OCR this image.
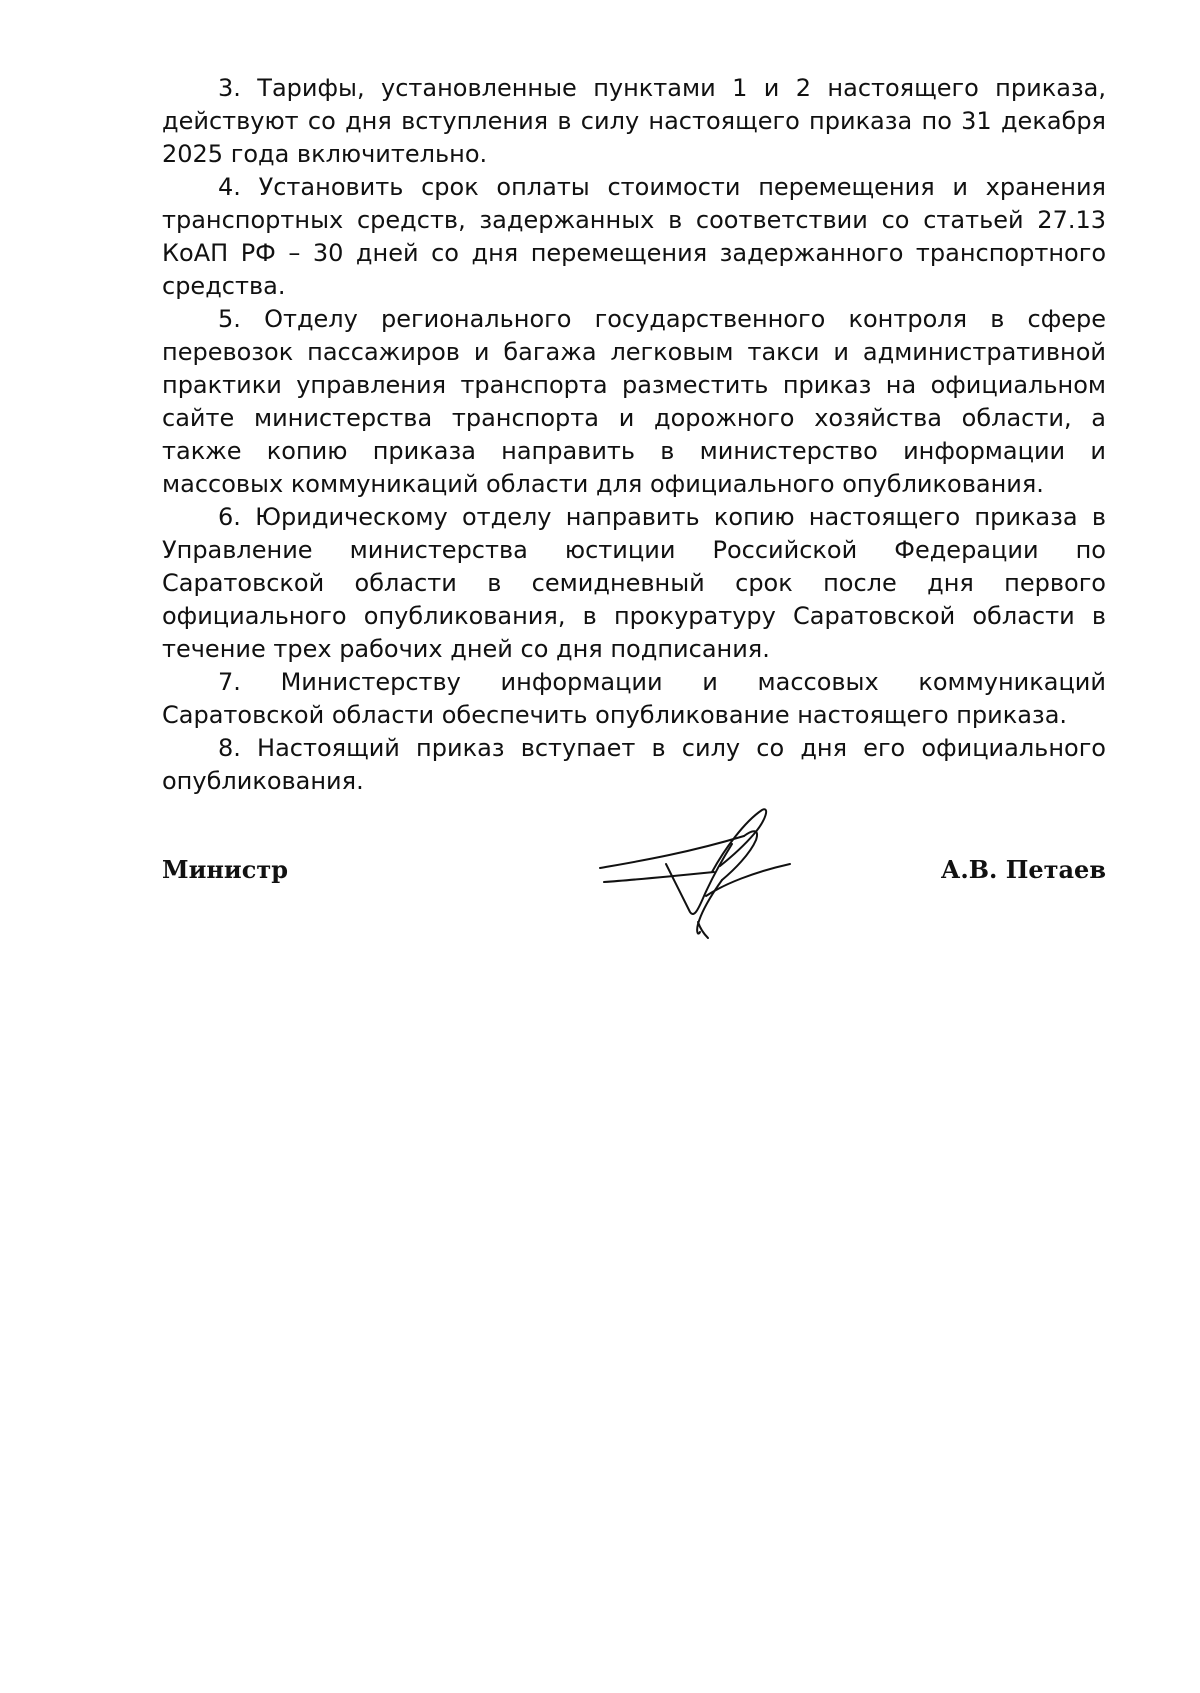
3. Тарифы, установленные пунктами 1 и 2 настоящего приказа, действуют со дня вступления в силу настоящего приказа по 31 декабря 2025 года включительно.

4. Установить срок оплаты стоимости перемещения и хранения транспортных средств, задержанных в соответствии со статьей 27.13 КоАП РФ – 30 дней со дня перемещения задержанного транспортного средства.

5. Отделу регионального государственного контроля в сфере перевозок пассажиров и багажа легковым такси и административной практики управления транспорта разместить приказ на официальном сайте министерства транспорта и дорожного хозяйства области, а также копию приказа направить в министерство информации и массовых коммуникаций области для официального опубликования.

6. Юридическому отделу направить копию настоящего приказа в Управление министерства юстиции Российской Федерации по Саратовской области в семидневный срок после дня первого официального опубликования, в прокуратуру Саратовской области в течение трех рабочих дней со дня подписания.

7. Министерству информации и массовых коммуникаций Саратовской области обеспечить опубликование настоящего приказа.

8. Настоящий приказ вступает в силу со дня его официального опубликования.

Министр	А.В. Петаев
